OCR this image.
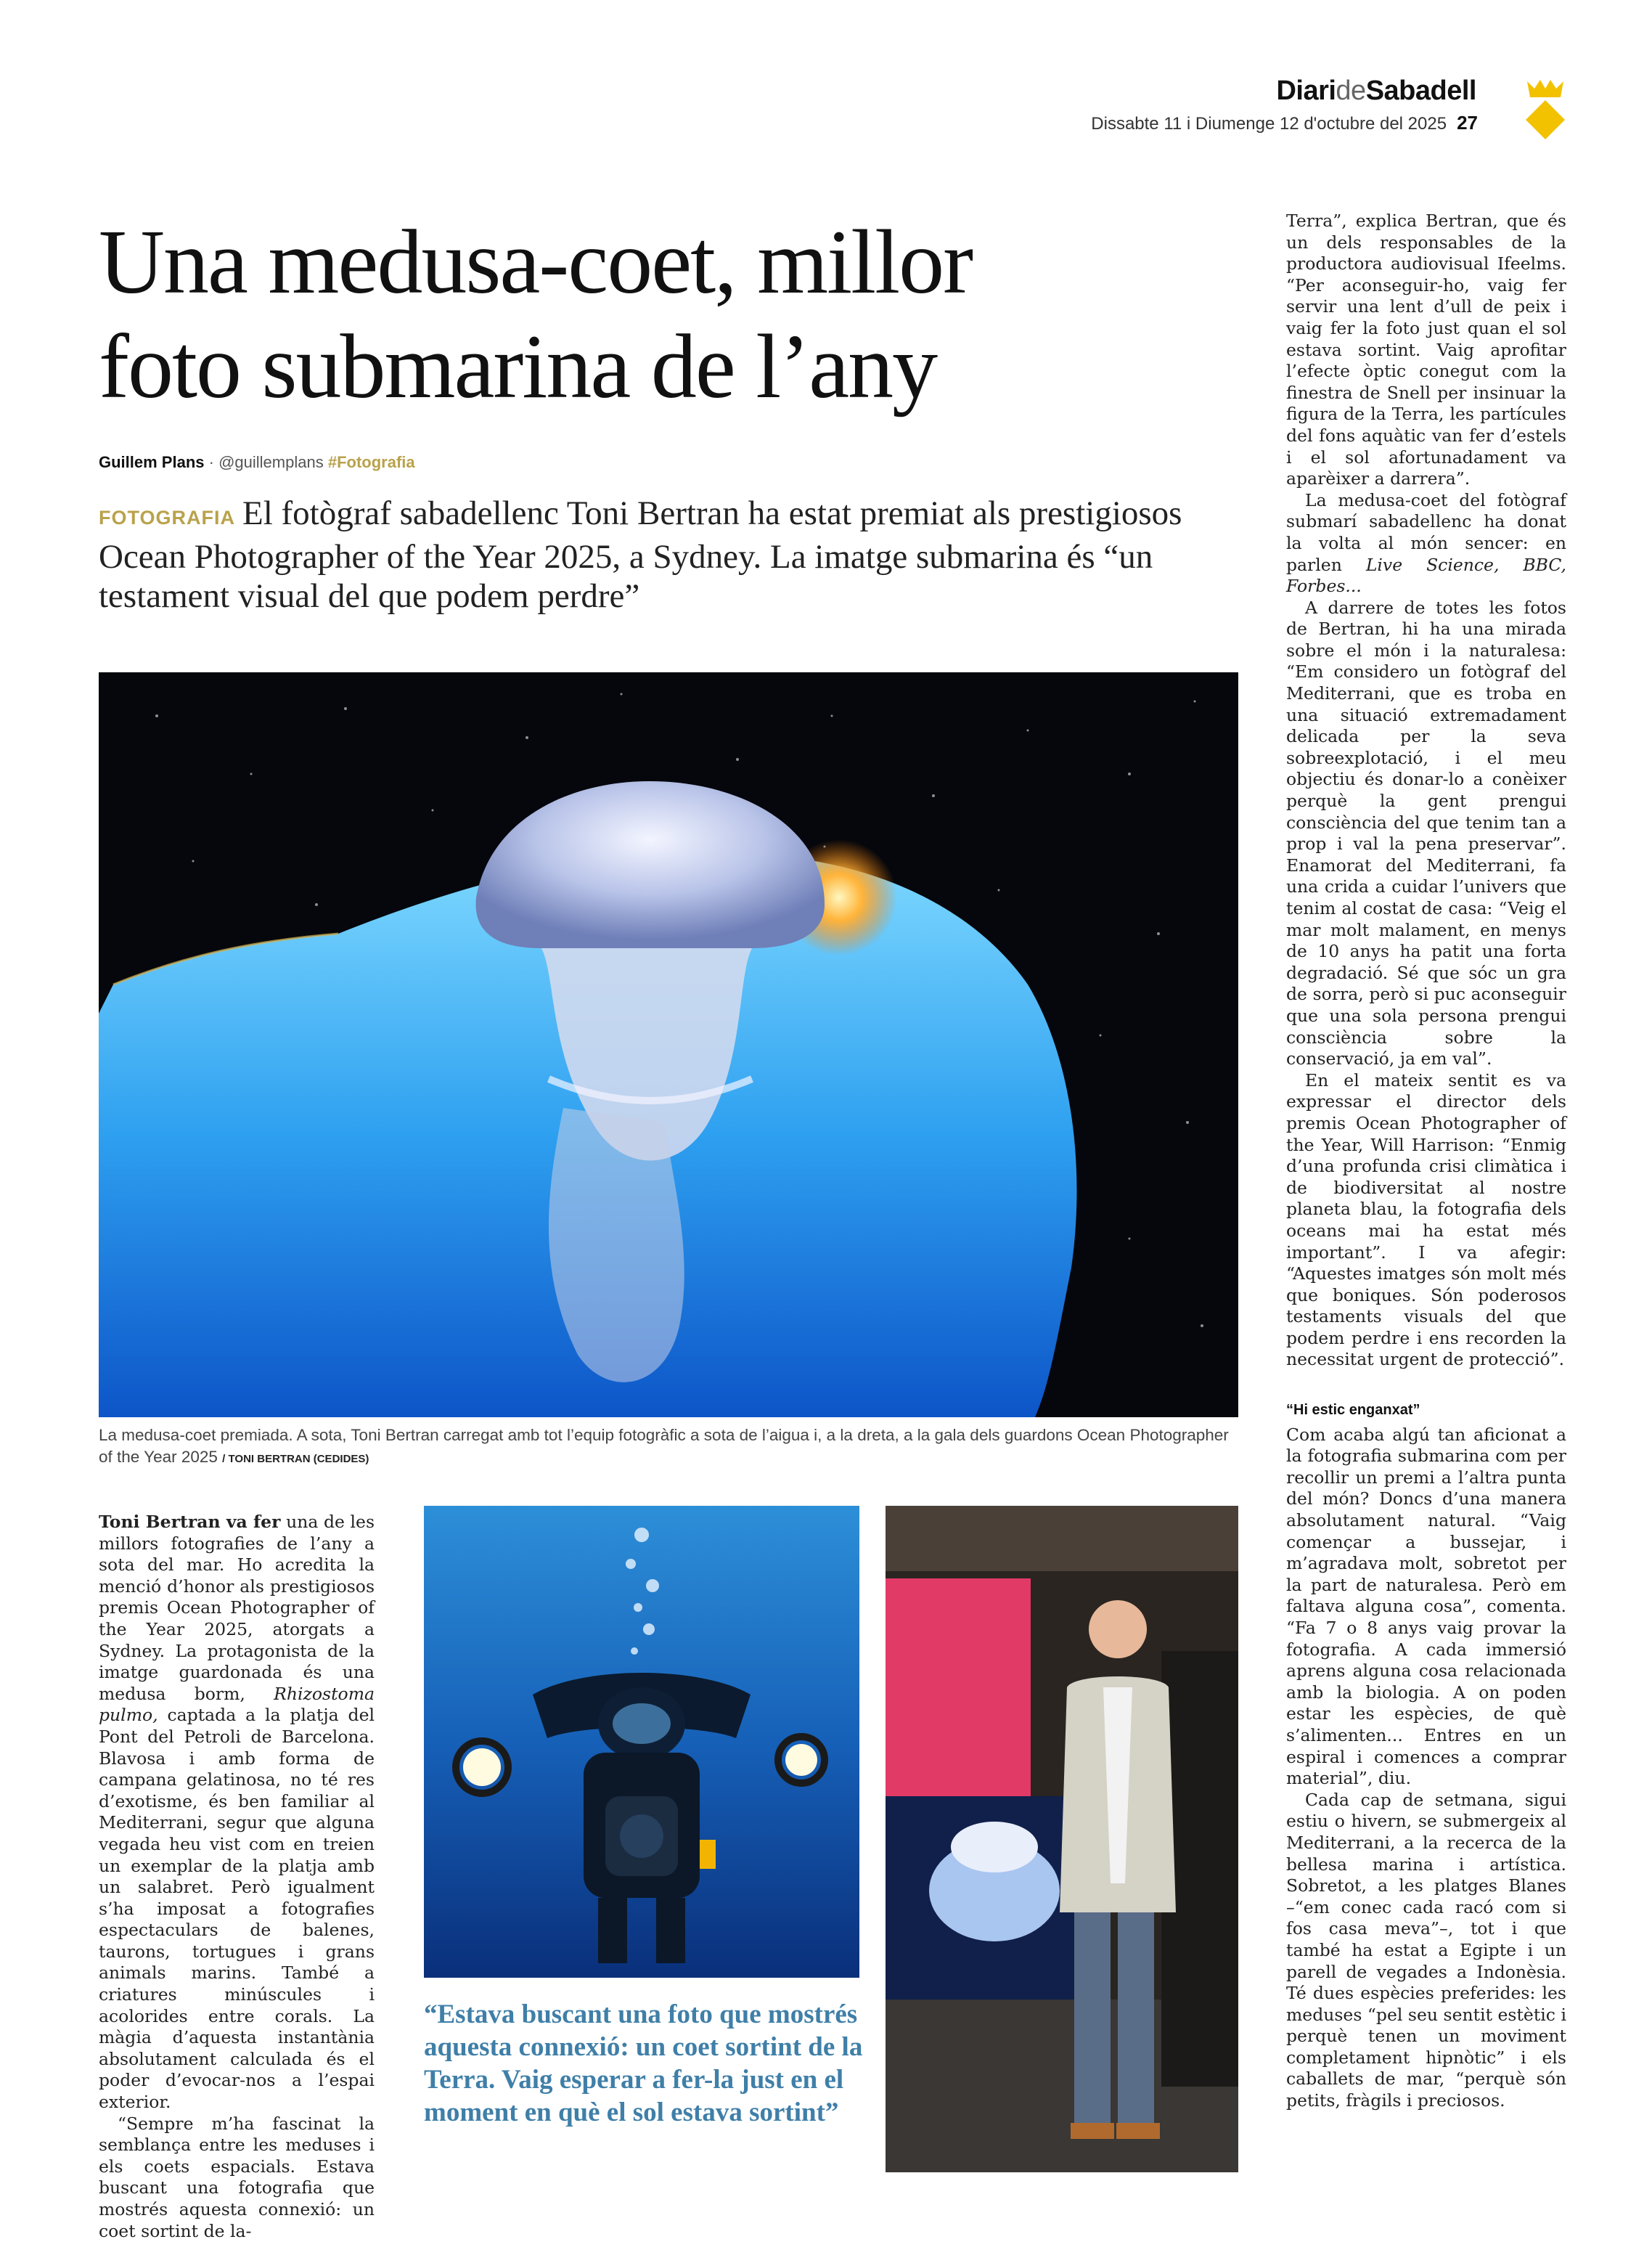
DiarideSabadell
Dissabte 11 i Diumenge 12 d'octubre del 2025 27
Una medusa-coet, millor
foto submarina de l’any
Guillem Plans · @guillemplans #Fotografia
FOTOGRAFIA El fotògraf sabadellenc Toni Bertran ha estat premiat als prestigiosos Ocean Photographer of the Year 2025, a Sydney. La imatge submarina és “un testament visual del que podem perdre”
La medusa-coet premiada. A sota, Toni Bertran carregat amb tot l’equip fotogràfic a sota de l’aigua i, a la dreta, a la gala dels guardons Ocean Photographer of the Year 2025 / TONI BERTRAN (CEDIDES)

Toni Bertran va fer una de les millors fotografies de l’any a sota del mar. Ho acredita la menció d’honor als prestigiosos premis Ocean Photographer of the Year 2025, atorgats a Sydney. La protagonista de la imatge guardonada és una medusa borm, Rhizostoma pulmo, captada a la platja del Pont del Petroli de Barcelona. Blavosa i amb forma de campana gelatinosa, no té res d’exotisme, és ben familiar al Mediterrani, segur que alguna vegada heu vist com en treien un exemplar de la platja amb un salabret. Però igualment s’ha imposat a fotografies espectaculars de balenes, taurons, tortugues i grans animals marins. També a criatures minúscules i acolorides entre corals. La màgia d’aquesta instantània absolutament calculada és el poder d’evocar-nos a l’espai exterior.

“Sempre m’ha fascinat la semblança entre les meduses i els coets espacials. Estava buscant una fotografia que mostrés aquesta connexió: un coet sortint de la-

“Estava buscant una foto que mostrés aquesta connexió: un coet sortint de la Terra. Vaig esperar a fer-la just en el moment en què el sol estava sortint”

Terra”, explica Bertran, que és un dels responsables de la productora audiovisual Ifeelms. “Per aconseguir-ho, vaig fer servir una lent d’ull de peix i vaig fer la foto just quan el sol estava sortint. Vaig aprofitar l’efecte òptic conegut com la finestra de Snell per insinuar la figura de la Terra, les partícules del fons aquàtic van fer d’estels i el sol afortunadament va aparèixer a darrera”.

La medusa-coet del fotògraf submarí sabadellenc ha donat la volta al món sencer: en parlen Live Science, BBC, Forbes...

A darrere de totes les fotos de Bertran, hi ha una mirada sobre el món i la naturalesa: “Em considero un fotògraf del Mediterrani, que es troba en una situació extremadament delicada per la seva sobreexplotació, i el meu objectiu és donar-lo a conèixer perquè la gent prengui consciència del que tenim tan a prop i val la pena preservar”. Enamorat del Mediterrani, fa una crida a cuidar l’univers que tenim al costat de casa: “Veig el mar molt malament, en menys de 10 anys ha patit una forta degradació. Sé que sóc un gra de sorra, però si puc aconseguir que una sola persona prengui consciència sobre la conservació, ja em val”.

En el mateix sentit es va expressar el director dels premis Ocean Photographer of the Year, Will Harrison: “Enmig d’una profunda crisi climàtica i de biodiversitat al nostre planeta blau, la fotografia dels oceans mai ha estat més important”. I va afegir: “Aquestes imatges són molt més que boniques. Són poderosos testaments visuals del que podem perdre i ens recorden la necessitat urgent de protecció”.

“Hi estic enganxat”

Com acaba algú tan aficionat a la fotografia submarina com per recollir un premi a l’altra punta del món? Doncs d’una manera absolutament natural. “Vaig començar a bussejar, i m’agradava molt, sobretot per la part de naturalesa. Però em faltava alguna cosa”, comenta. “Fa 7 o 8 anys vaig provar la fotografia. A cada immersió aprens alguna cosa relacionada amb la biologia. A on poden estar les espècies, de què s’alimenten... Entres en un espiral i comences a comprar material”, diu.

Cada cap de setmana, sigui estiu o hivern, se submergeix al Mediterrani, a la recerca de la bellesa marina i artística. Sobretot, a les platges Blanes –“em conec cada racó com si fos casa meva”–, tot i que també ha estat a Egipte i un parell de vegades a Indonèsia. Té dues espècies preferides: les meduses “pel seu sentit estètic i perquè tenen un moviment completament hipnòtic” i els caballets de mar, “perquè són petits, fràgils i preciosos.
